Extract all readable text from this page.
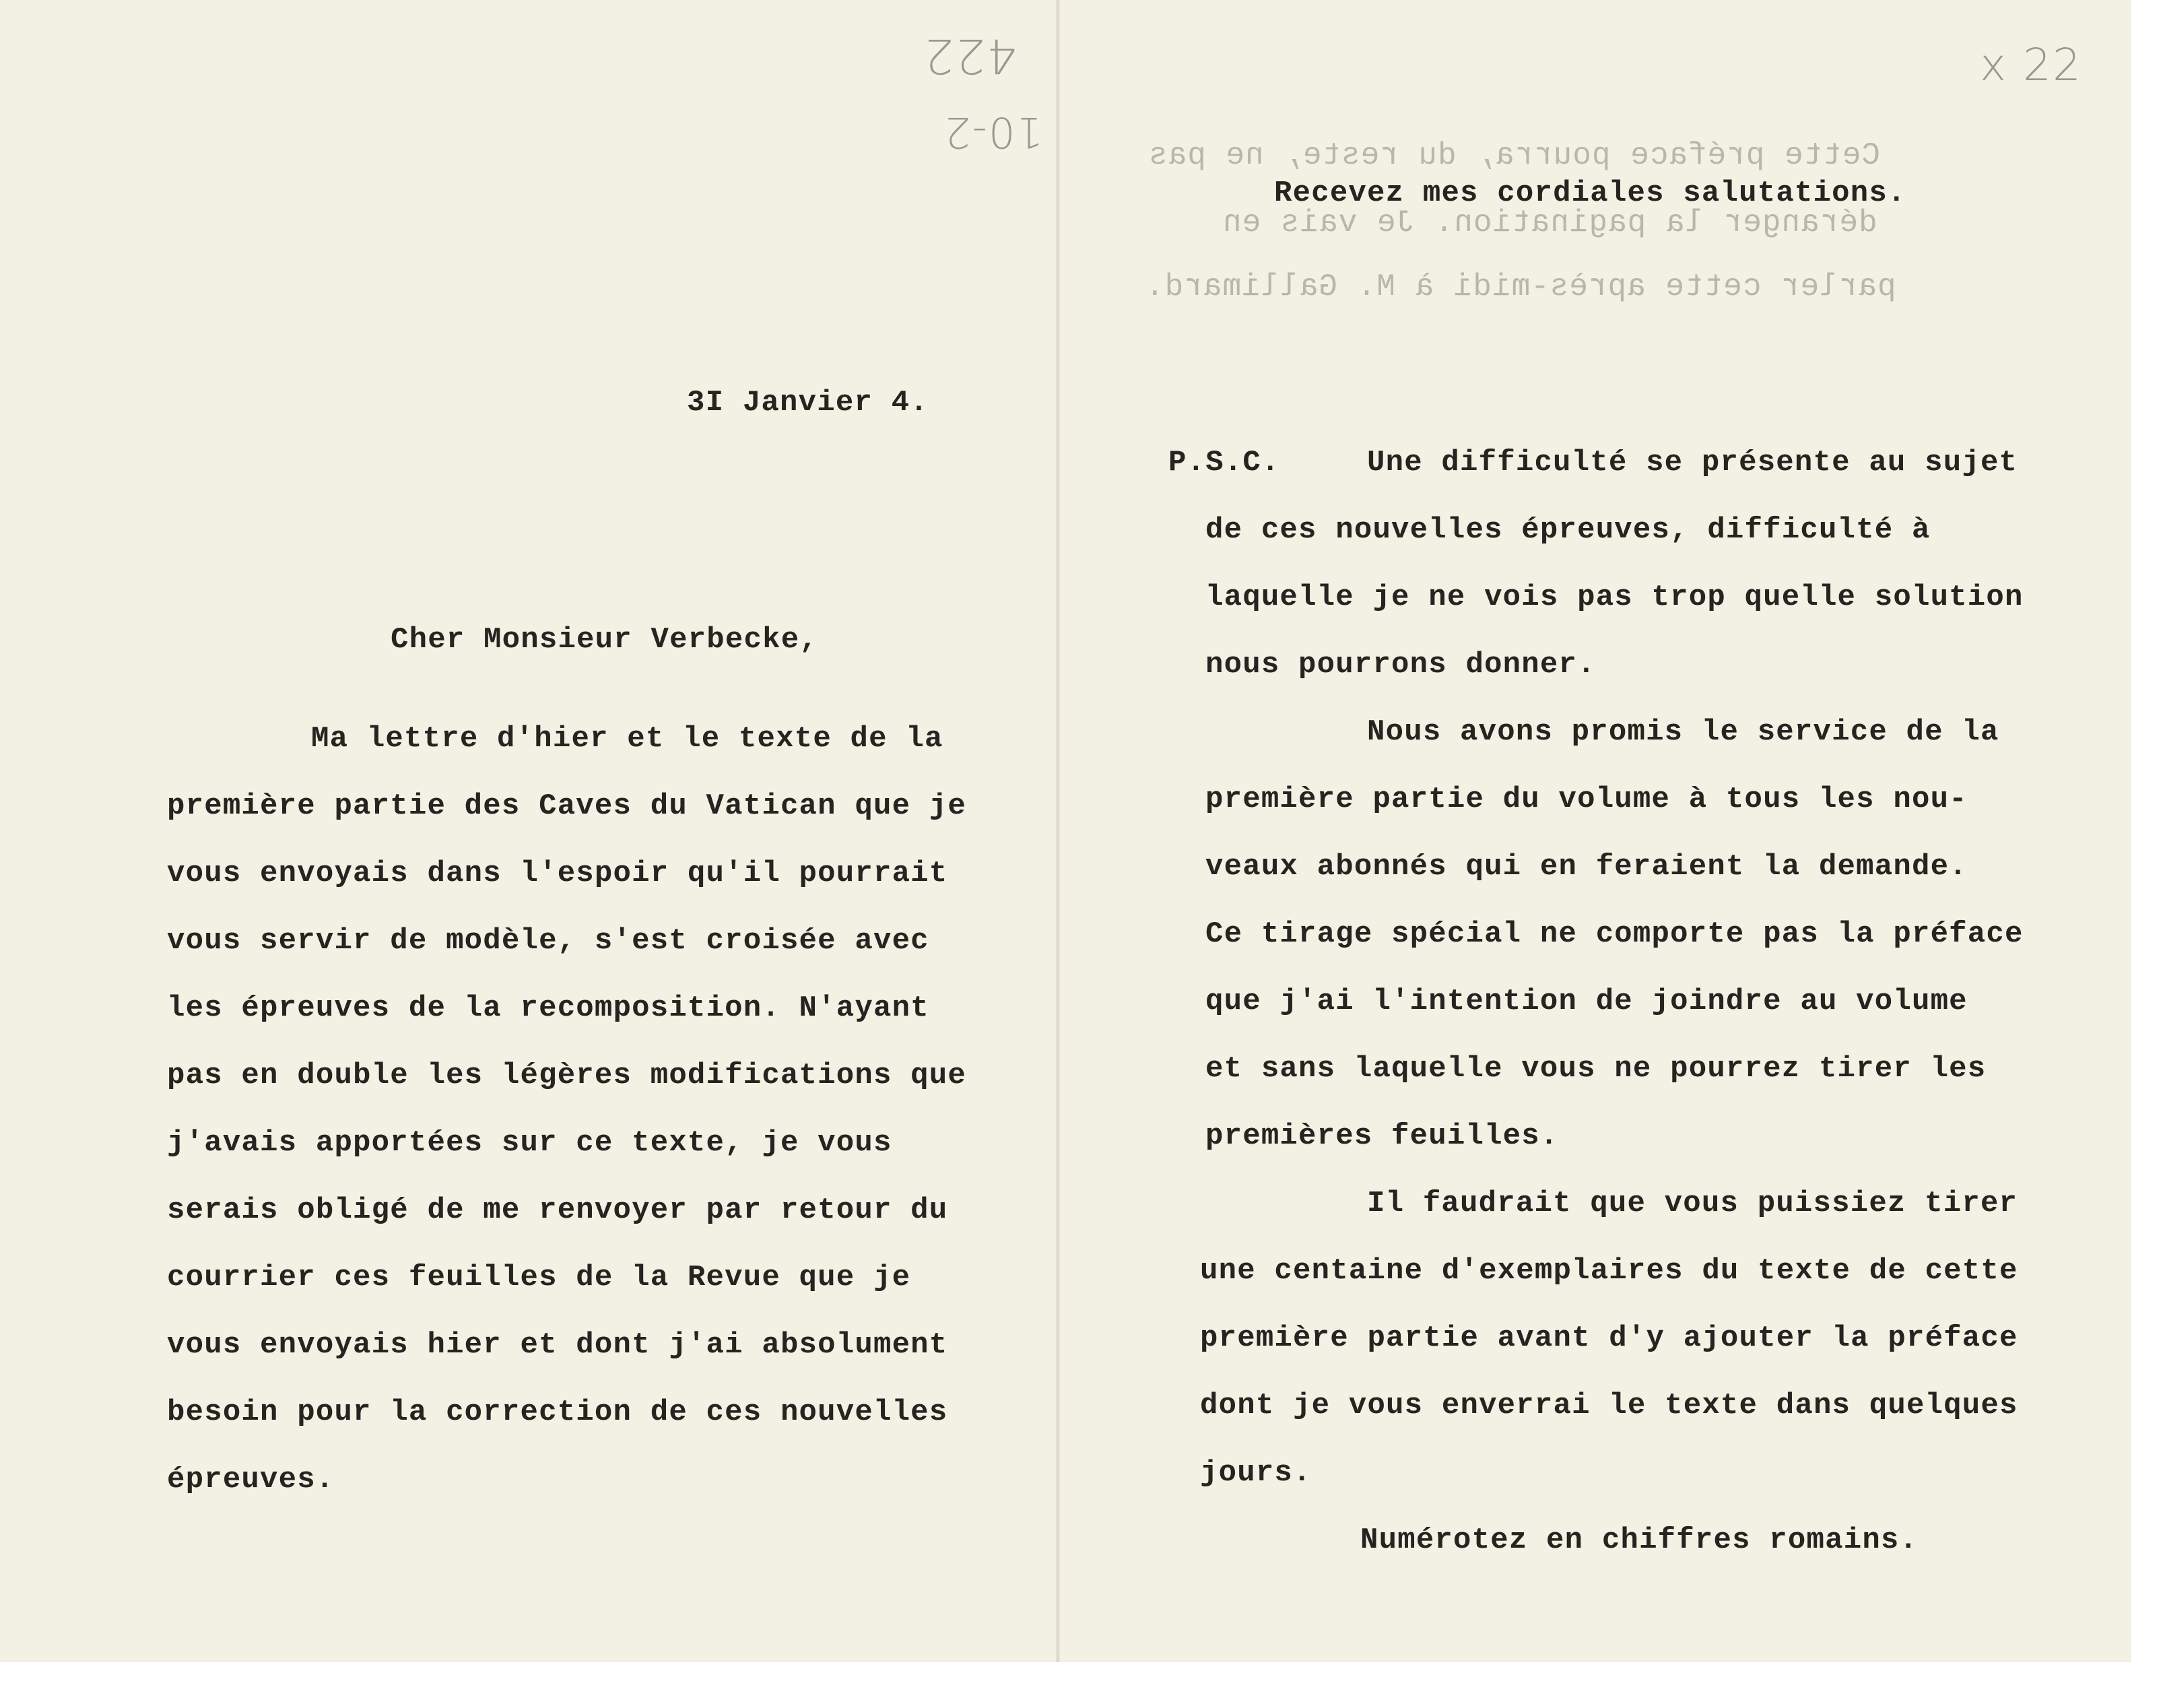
422
10-2
x 22
Cette préface pourra, du reste, ne pas
déranger la pagination. Je vais en
parler cette après-midi à M. Gallimard.
3I Janvier 4.
Cher Monsieur Verbecke,
Ma lettre d'hier et le texte de la
première partie des Caves du Vatican que je
vous envoyais dans l'espoir qu'il pourrait
vous servir de modèle, s'est croisée avec
les épreuves de la recomposition. N'ayant
pas en double les légères modifications que
j'avais apportées sur ce texte, je vous
serais obligé de me renvoyer par retour du
courrier ces feuilles de la Revue que je
vous envoyais hier et dont j'ai absolument
besoin pour la correction de ces nouvelles
épreuves.
Recevez mes cordiales salutations.
P.S.C.	Une difficulté se présente au sujet
de ces nouvelles épreuves, difficulté à
laquelle je ne vois pas trop quelle solution
nous pourrons donner.
Nous avons promis le service de la
première partie du volume à tous les nou-
veaux abonnés qui en feraient la demande.
Ce tirage spécial ne comporte pas la préface
que j'ai l'intention de joindre au volume
et sans laquelle vous ne pourrez tirer les
premières feuilles.
Il faudrait que vous puissiez tirer
une centaine d'exemplaires du texte de cette
première partie avant d'y ajouter la préface
dont je vous enverrai le texte dans quelques
jours.
Numérotez en chiffres romains.
